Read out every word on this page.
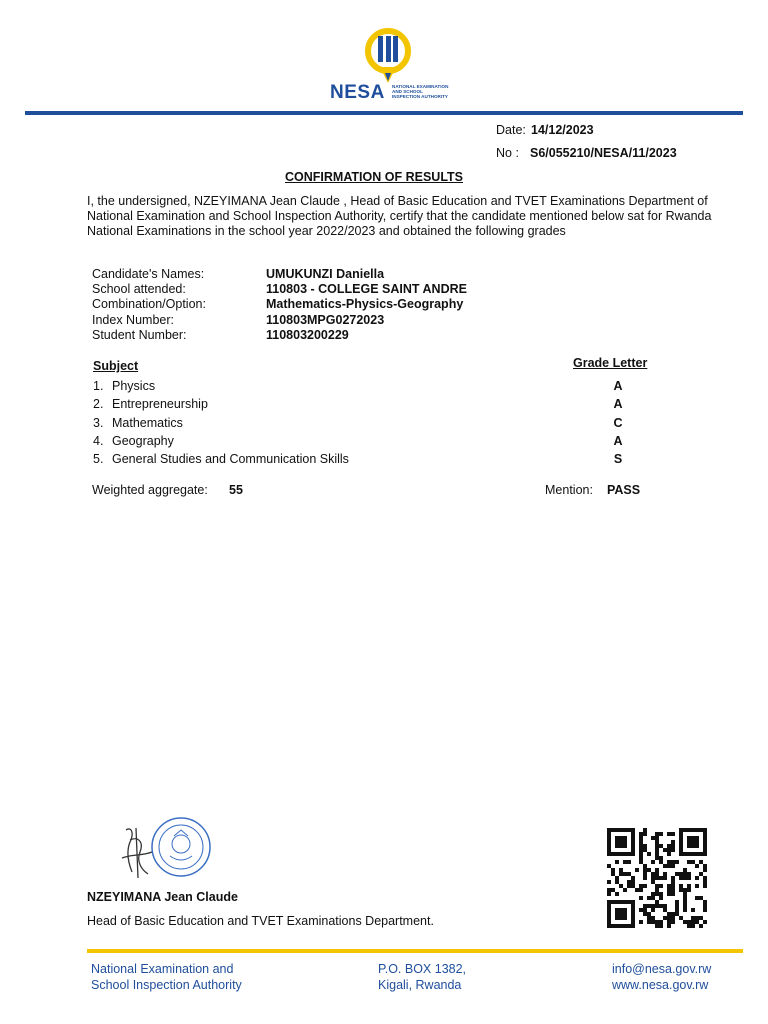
NESA NATIONAL EXAMINATION AND SCHOOL INSPECTION AUTHORITY
Date: 14/12/2023
No : S6/055210/NESA/11/2023
CONFIRMATION OF RESULTS
I, the undersigned, NZEYIMANA Jean Claude , Head of Basic Education and TVET Examinations Department of National Examination and School Inspection Authority, certify that the candidate mentioned below sat for Rwanda National Examinations in the school year 2022/2023 and obtained the following grades
Candidate's Names:	UMUKUNZI Daniella
School attended:	110803 - COLLEGE SAINT ANDRE
Combination/Option:	Mathematics-Physics-Geography
Index Number:	110803MPG0272023
Student Number:	110803200229
Subject	Grade Letter
1. Physics	A
2. Entrepreneurship	A
3. Mathematics	C
4. Geography	A
5. General Studies and Communication Skills	S
Weighted aggregate: 55	Mention: PASS
NZEYIMANA Jean Claude
Head of Basic Education and TVET Examinations Department.
National Examination and
School Inspection Authority
P.O. BOX 1382,
Kigali, Rwanda
info@nesa.gov.rw
www.nesa.gov.rw
